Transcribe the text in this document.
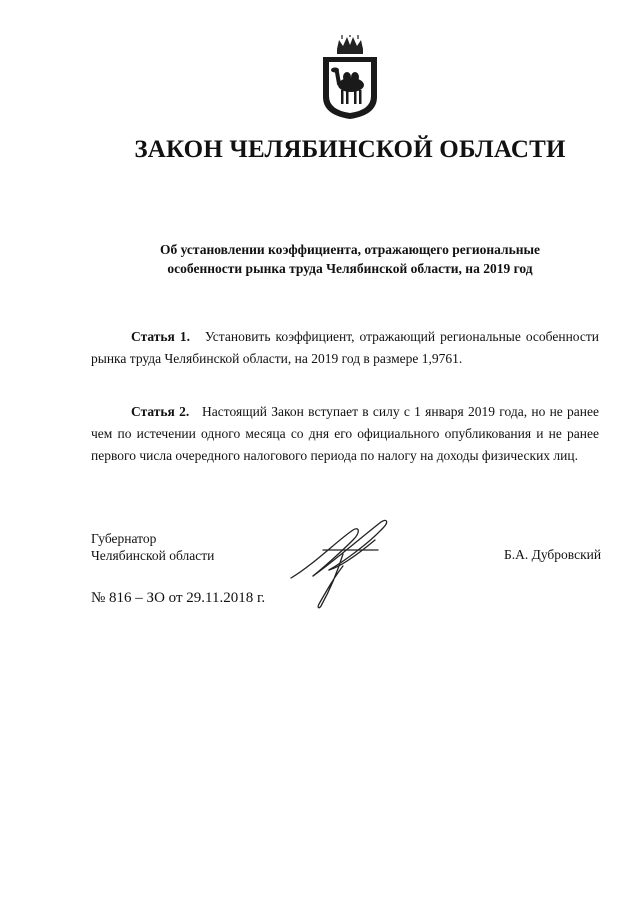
ЗАКОН ЧЕЛЯБИНСКОЙ ОБЛАСТИ
Об установлении коэффициента, отражающего региональные
особенности рынка труда Челябинской области, на 2019 год
Статья 1. Установить коэффициент, отражающий региональные особенности рынка труда Челябинской области, на 2019 год в размере 1,9761.
Статья 2. Настоящий Закон вступает в силу с 1 января 2019 года, но не ранее чем по истечении одного месяца со дня его официального опубликования и не ранее первого числа очередного налогового периода по налогу на доходы физических лиц.
Губернатор
Челябинской области	Б.А. Дубровский
№ 816 – ЗО от 29.11.2018 г.
